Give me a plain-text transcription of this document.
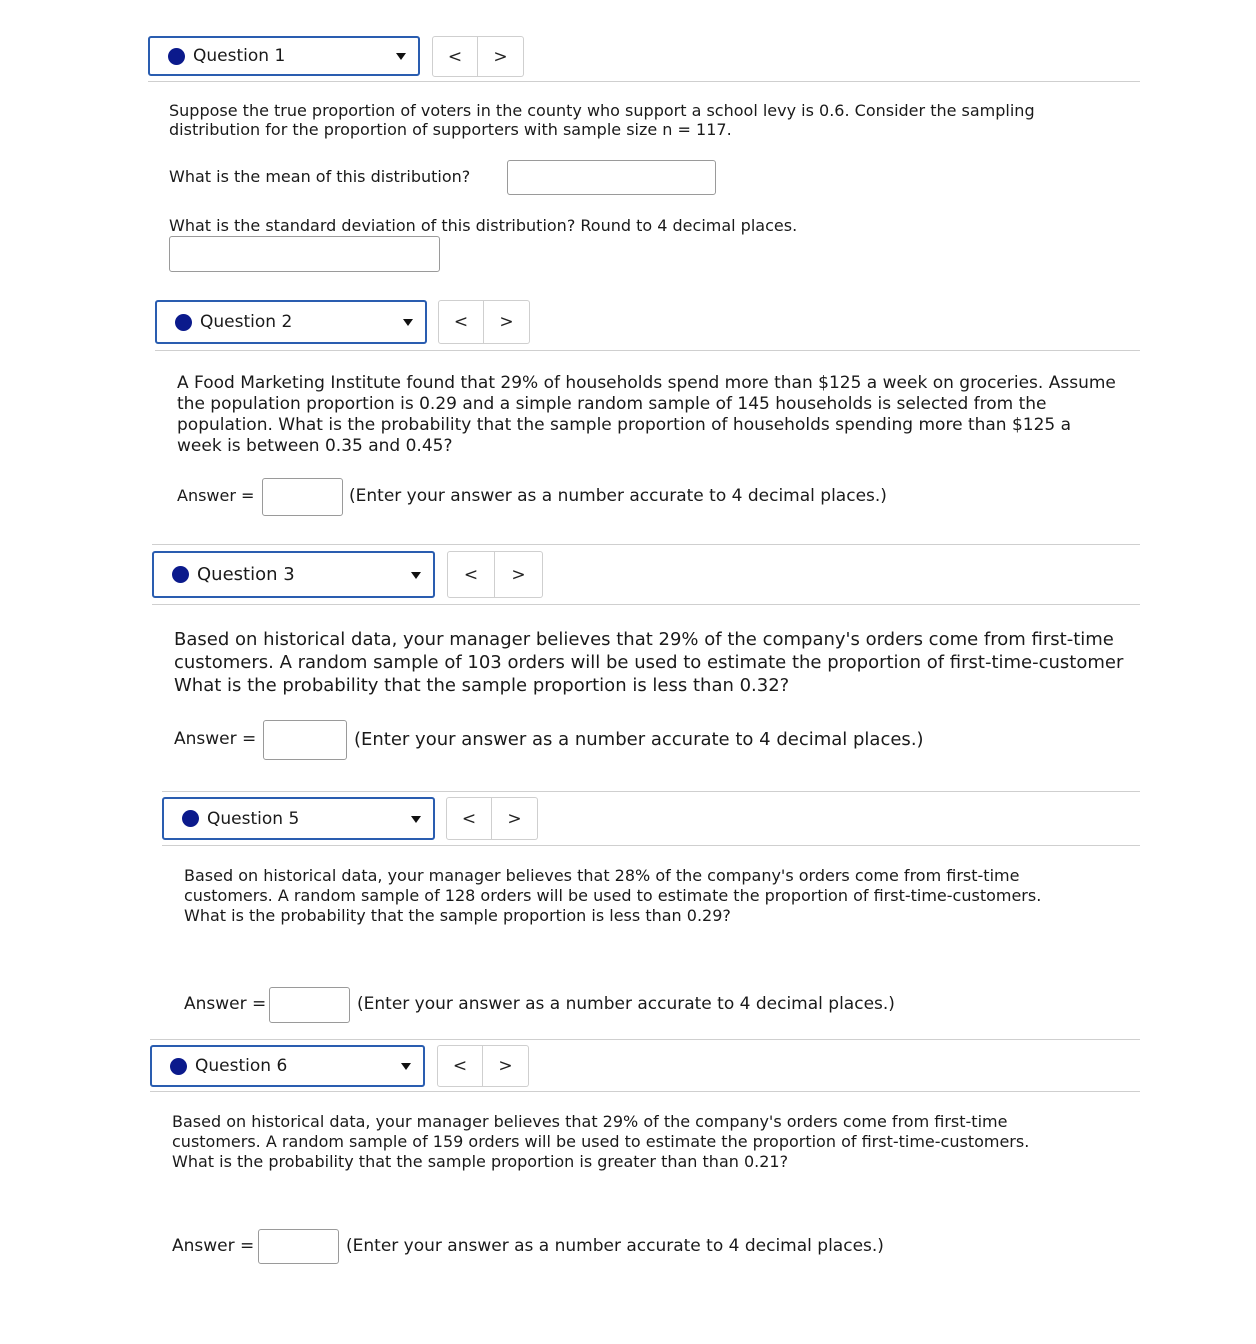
Question 1	<	>
Suppose the true proportion of voters in the county who support a school levy is 0.6. Consider the sampling
distribution for the proportion of supporters with sample size n = 117.
What is the mean of this distribution?
What is the standard deviation of this distribution? Round to 4 decimal places.
Question 2	<	>
A Food Marketing Institute found that 29% of households spend more than $125 a week on groceries. Assume
the population proportion is 0.29 and a simple random sample of 145 households is selected from the
population. What is the probability that the sample proportion of households spending more than $125 a
week is between 0.35 and 0.45?
Answer =	(Enter your answer as a number accurate to 4 decimal places.)
Question 3	<	>
Based on historical data, your manager believes that 29% of the company's orders come from first-time
customers. A random sample of 103 orders will be used to estimate the proportion of first-time-customer
What is the probability that the sample proportion is less than 0.32?
Answer =	(Enter your answer as a number accurate to 4 decimal places.)
Question 5	<	>
Based on historical data, your manager believes that 28% of the company's orders come from first-time
customers. A random sample of 128 orders will be used to estimate the proportion of first-time-customers.
What is the probability that the sample proportion is less than 0.29?
Answer =	(Enter your answer as a number accurate to 4 decimal places.)
Question 6	<	>
Based on historical data, your manager believes that 29% of the company's orders come from first-time
customers. A random sample of 159 orders will be used to estimate the proportion of first-time-customers.
What is the probability that the sample proportion is greater than than 0.21?
Answer =	(Enter your answer as a number accurate to 4 decimal places.)
